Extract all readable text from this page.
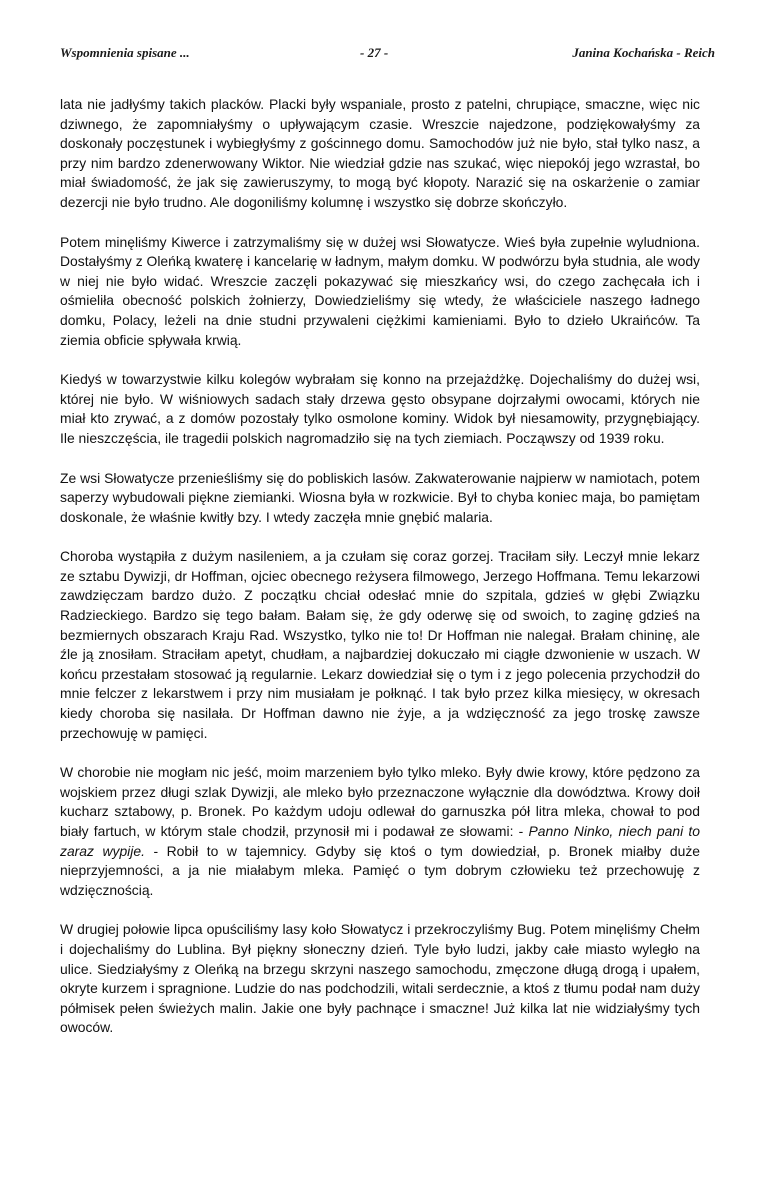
Wspomnienia spisane ...	- 27 -	Janina Kochańska - Reich

lata nie jadłyśmy takich placków. Placki były wspaniale, prosto z patelni, chrupiące, smaczne, więc nic dziwnego, że zapomniałyśmy o upływającym czasie. Wreszcie najedzone, podziękowałyśmy za doskonały poczęstunek i wybiegłyśmy z gościnnego domu. Samochodów już nie było, stał tylko nasz, a przy nim bardzo zdenerwowany Wiktor. Nie wiedział gdzie nas szukać, więc niepokój jego wzrastał, bo miał świadomość, że jak się zawieruszymy, to mogą być kłopoty. Narazić się na oskarżenie o zamiar dezercji nie było trudno. Ale dogoniliśmy kolumnę i wszystko się dobrze skończyło.

Potem minęliśmy Kiwerce i zatrzymaliśmy się w dużej wsi Słowatycze. Wieś była zupełnie wyludniona. Dostałyśmy z Oleńką kwaterę i kancelarię w ładnym, małym domku. W podwórzu była studnia, ale wody w niej nie było widać. Wreszcie zaczęli pokazywać się mieszkańcy wsi, do czego zachęcała ich i ośmieliła obecność polskich żołnierzy, Dowiedzieliśmy się wtedy, że właściciele naszego ładnego domku, Polacy, leżeli na dnie studni przywaleni ciężkimi kamieniami. Było to dzieło Ukraińców. Ta ziemia obficie spływała krwią.

Kiedyś w towarzystwie kilku kolegów wybrałam się konno na przejażdżkę. Dojechaliśmy do dużej wsi, której nie było. W wiśniowych sadach stały drzewa gęsto obsypane dojrzałymi owocami, których nie miał kto zrywać, a z domów pozostały tylko osmolone kominy. Widok był niesamowity, przygnębiający. Ile nieszczęścia, ile tragedii polskich nagromadziło się na tych ziemiach. Począwszy od 1939 roku.

Ze wsi Słowatycze przenieśliśmy się do pobliskich lasów. Zakwaterowanie najpierw w namiotach, potem saperzy wybudowali piękne ziemianki. Wiosna była w rozkwicie. Był to chyba koniec maja, bo pamiętam doskonale, że właśnie kwitły bzy. I wtedy zaczęła mnie gnębić malaria.

Choroba wystąpiła z dużym nasileniem, a ja czułam się coraz gorzej. Traciłam siły. Leczył mnie lekarz ze sztabu Dywizji, dr Hoffman, ojciec obecnego reżysera filmowego, Jerzego Hoffmana. Temu lekarzowi zawdzięczam bardzo dużo. Z początku chciał odesłać mnie do szpitala, gdzieś w głębi Związku Radzieckiego. Bardzo się tego bałam. Bałam się, że gdy oderwę się od swoich, to zaginę gdzieś na bezmiernych obszarach Kraju Rad. Wszystko, tylko nie to! Dr Hoffman nie nalegał. Brałam chininę, ale źle ją znosiłam. Straciłam apetyt, chudłam, a najbardziej dokuczało mi ciągłe dzwonienie w uszach. W końcu przestałam stosować ją regularnie. Lekarz dowiedział się o tym i z jego polecenia przychodził do mnie felczer z lekarstwem i przy nim musiałam je połknąć. I tak było przez kilka miesięcy, w okresach kiedy choroba się nasilała. Dr Hoffman dawno nie żyje, a ja wdzięczność za jego troskę zawsze przechowuję w pamięci.

W chorobie nie mogłam nic jeść, moim marzeniem było tylko mleko. Były dwie krowy, które pędzono za wojskiem przez długi szlak Dywizji, ale mleko było przeznaczone wyłącznie dla dowództwa. Krowy doił kucharz sztabowy, p. Bronek. Po każdym udoju odlewał do garnuszka pół litra mleka, chował to pod biały fartuch, w którym stale chodził, przynosił mi i podawał ze słowami: - Panno Ninko, niech pani to zaraz wypije. - Robił to w tajemnicy. Gdyby się ktoś o tym dowiedział, p. Bronek miałby duże nieprzyjemności, a ja nie miałabym mleka. Pamięć o tym dobrym człowieku też przechowuję z wdzięcznością.

W drugiej połowie lipca opuściliśmy lasy koło Słowatycz i przekroczyliśmy Bug. Potem minęliśmy Chełm i dojechaliśmy do Lublina. Był piękny słoneczny dzień. Tyle było ludzi, jakby całe miasto wyległo na ulice. Siedziałyśmy z Oleńką na brzegu skrzyni naszego samochodu, zmęczone długą drogą i upałem, okryte kurzem i spragnione. Ludzie do nas podchodzili, witali serdecznie, a ktoś z tłumu podał nam duży półmisek pełen świeżych malin. Jakie one były pachnące i smaczne! Już kilka lat nie widziałyśmy tych owoców.
